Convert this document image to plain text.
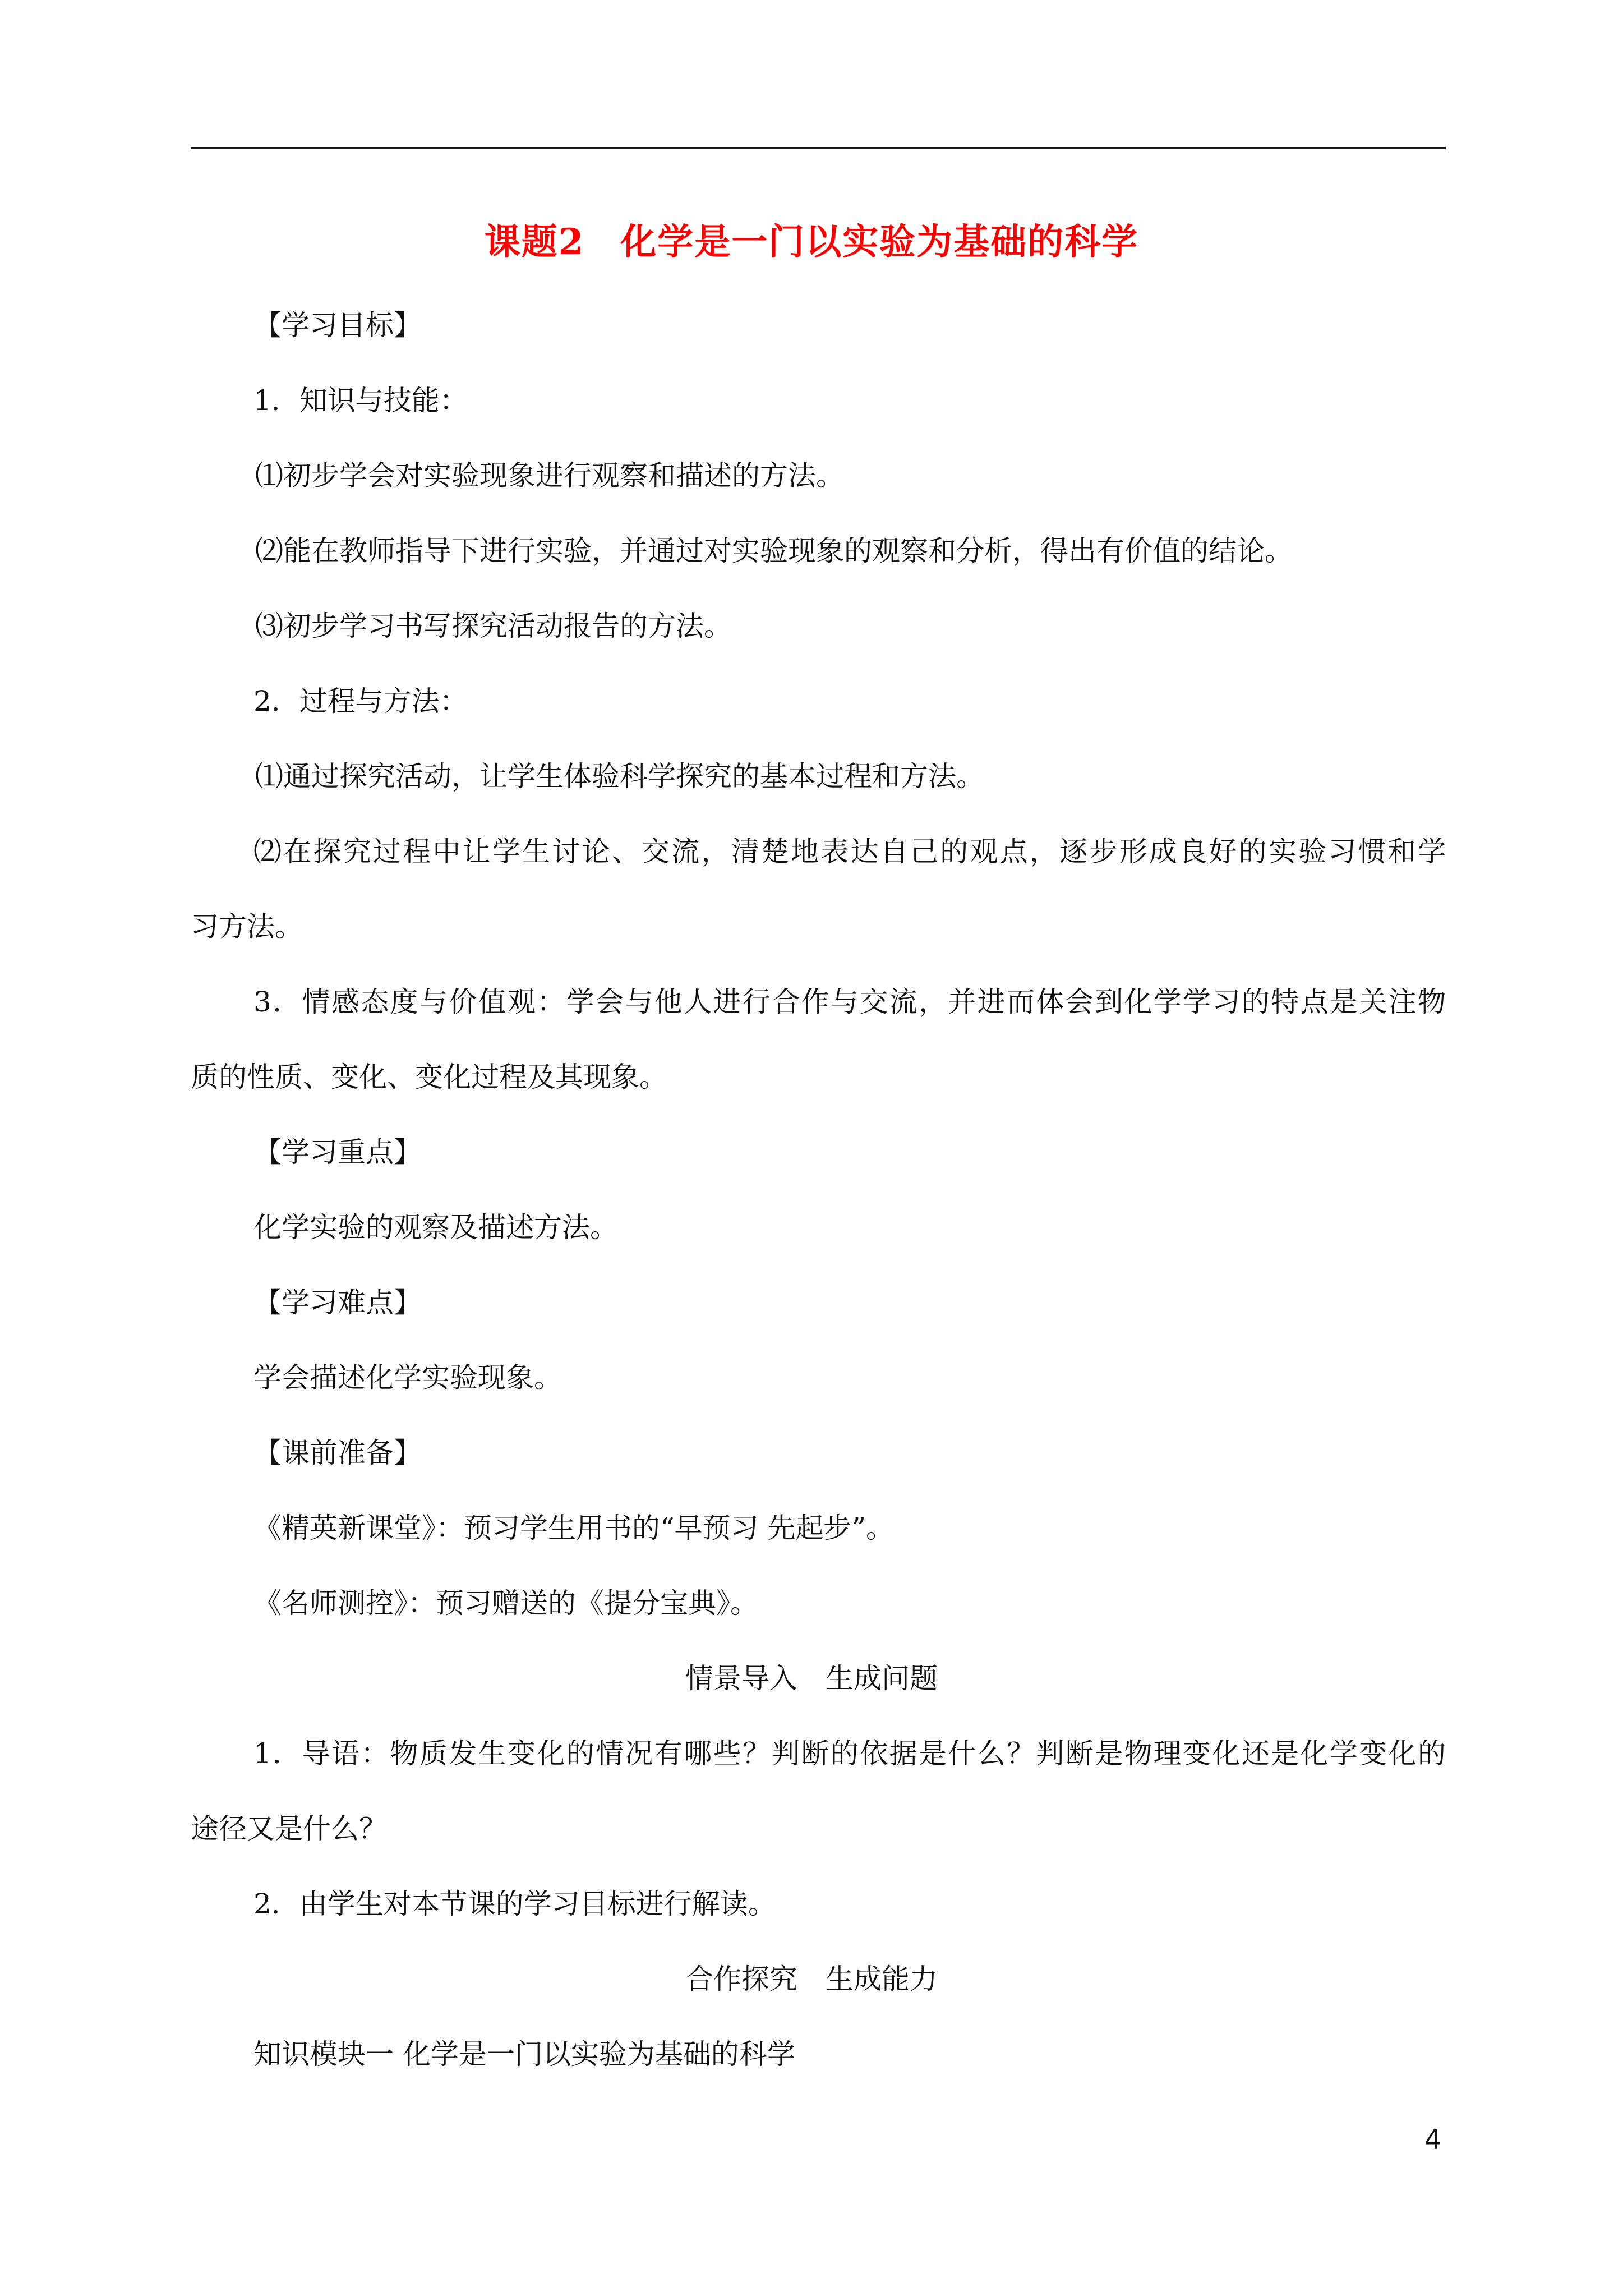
课题2 化学是一门以实验为基础的科学
【学习目标】
1．知识与技能：
⑴初步学会对实验现象进行观察和描述的方法。
⑵能在教师指导下进行实验，并通过对实验现象的观察和分析，得出有价值的结论。
⑶初步学习书写探究活动报告的方法。
2．过程与方法：
⑴通过探究活动，让学生体验科学探究的基本过程和方法。
⑵在探究过程中让学生讨论、交流，清楚地表达自己的观点，逐步形成良好的实验习惯和学
习方法。
3．情感态度与价值观：学会与他人进行合作与交流，并进而体会到化学学习的特点是关注物
质的性质、变化、变化过程及其现象。
【学习重点】
化学实验的观察及描述方法。
【学习难点】
学会描述化学实验现象。
【课前准备】
《精英新课堂》：预习学生用书的“早预习 先起步”。
《名师测控》：预习赠送的《提分宝典》。
情景导入 生成问题
1．导语：物质发生变化的情况有哪些？判断的依据是什么？判断是物理变化还是化学变化的
途径又是什么？
2．由学生对本节课的学习目标进行解读。
合作探究 生成能力
知识模块一 化学是一门以实验为基础的科学
4
